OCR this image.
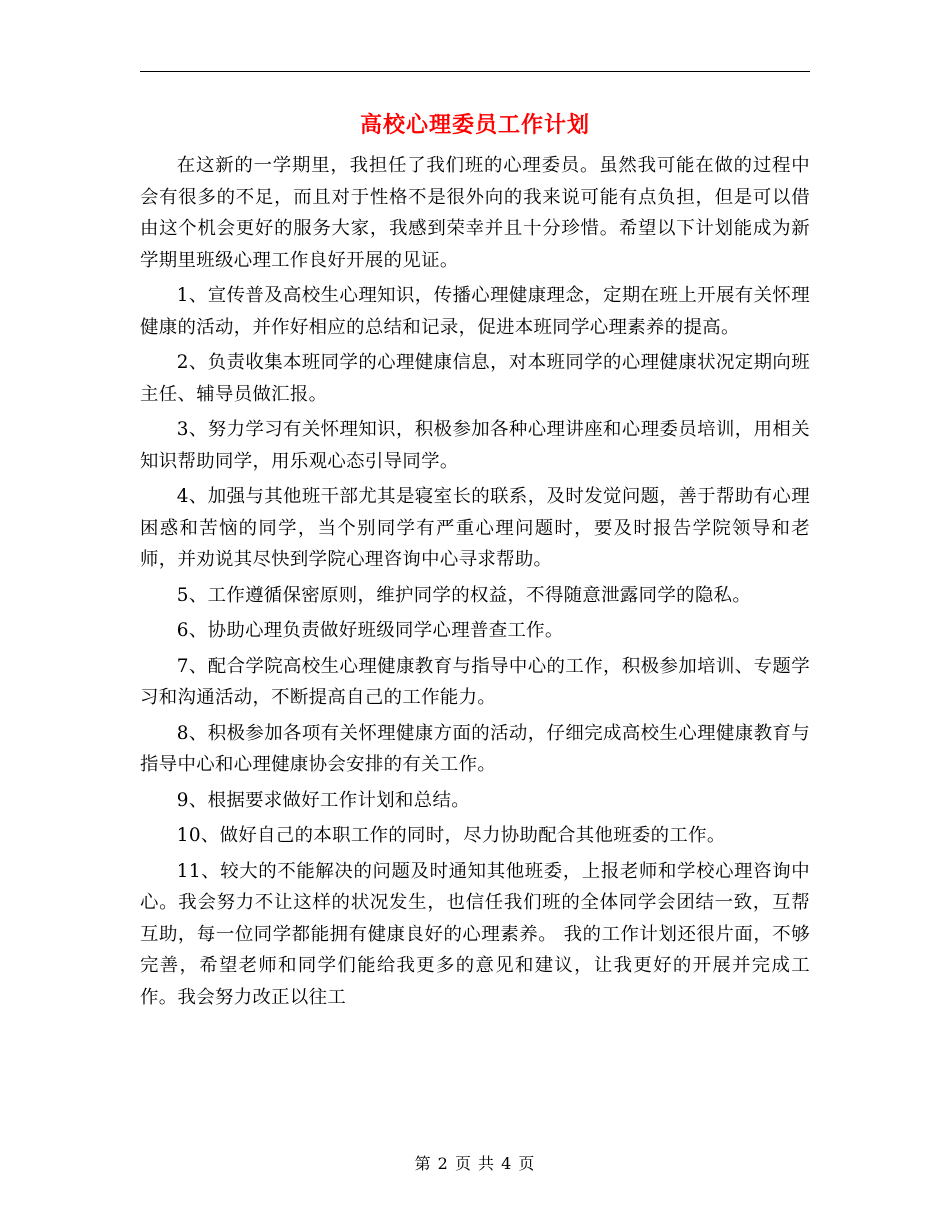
高校心理委员工作计划

在这新的一学期里，我担任了我们班的心理委员。虽然我可能在做的过程中会有很多的不足，而且对于性格不是很外向的我来说可能有点负担，但是可以借由这个机会更好的服务大家，我感到荣幸并且十分珍惜。希望以下计划能成为新学期里班级心理工作良好开展的见证。

1、宣传普及高校生心理知识，传播心理健康理念，定期在班上开展有关怀理健康的活动，并作好相应的总结和记录，促进本班同学心理素养的提高。

2、负责收集本班同学的心理健康信息，对本班同学的心理健康状况定期向班主任、辅导员做汇报。

3、努力学习有关怀理知识，积极参加各种心理讲座和心理委员培训，用相关知识帮助同学，用乐观心态引导同学。

4、加强与其他班干部尤其是寝室长的联系，及时发觉问题，善于帮助有心理困惑和苦恼的同学，当个别同学有严重心理问题时，要及时报告学院领导和老师，并劝说其尽快到学院心理咨询中心寻求帮助。

5、工作遵循保密原则，维护同学的权益，不得随意泄露同学的隐私。

6、协助心理负责做好班级同学心理普查工作。

7、配合学院高校生心理健康教育与指导中心的工作，积极参加培训、专题学习和沟通活动，不断提高自己的工作能力。

8、积极参加各项有关怀理健康方面的活动，仔细完成高校生心理健康教育与指导中心和心理健康协会安排的有关工作。

9、根据要求做好工作计划和总结。

10、做好自己的本职工作的同时，尽力协助配合其他班委的工作。

11、较大的不能解决的问题及时通知其他班委，上报老师和学校心理咨询中心。我会努力不让这样的状况发生，也信任我们班的全体同学会团结一致，互帮互助，每一位同学都能拥有健康良好的心理素养。 我的工作计划还很片面，不够完善，希望老师和同学们能给我更多的意见和建议，让我更好的开展并完成工作。我会努力改正以往工

第 2 页 共 4 页
